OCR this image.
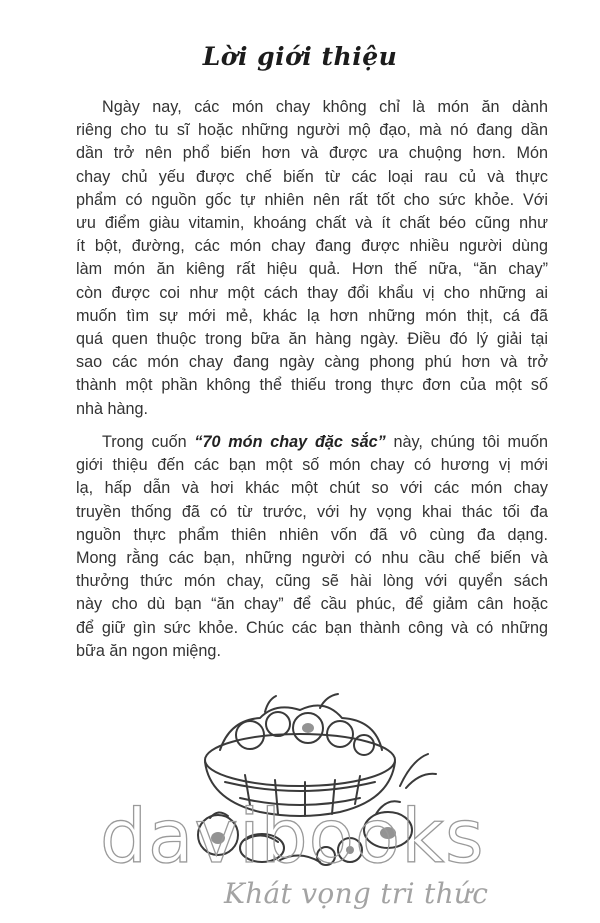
Lời giới thiệu
Ngày nay, các món chay không chỉ là món ăn dành
riêng cho tu sĩ hoặc những người mộ đạo, mà nó đang dần
dần trở nên phổ biến hơn và được ưa chuộng hơn. Món
chay chủ yếu được chế biến từ các loại rau củ và thực
phẩm có nguồn gốc tự nhiên nên rất tốt cho sức khỏe. Với
ưu điểm giàu vitamin, khoáng chất và ít chất béo cũng như
ít bột, đường, các món chay đang được nhiều người dùng
làm món ăn kiêng rất hiệu quả. Hơn thế nữa, “ăn chay”
còn được coi như một cách thay đổi khẩu vị cho những ai
muốn tìm sự mới mẻ, khác lạ hơn những món thịt, cá đã
quá quen thuộc trong bữa ăn hàng ngày. Điều đó lý giải tại
sao các món chay đang ngày càng phong phú hơn và trở
thành một phần không thể thiếu trong thực đơn của một số
nhà hàng.
Trong cuốn “70 món chay đặc sắc” này, chúng tôi muốn
giới thiệu đến các bạn một số món chay có hương vị mới
lạ, hấp dẫn và hơi khác một chút so với các món chay
truyền thống đã có từ trước, với hy vọng khai thác tối đa
nguồn thực phẩm thiên nhiên vốn đã vô cùng đa dạng.
Mong rằng các bạn, những người có nhu cầu chế biến và
thưởng thức món chay, cũng sẽ hài lòng với quyển sách
này cho dù bạn “ăn chay” để cầu phúc, để giảm cân hoặc
để giữ gìn sức khỏe. Chúc các bạn thành công và có những
bữa ăn ngon miệng.
davibooks
Khát vọng tri thức
